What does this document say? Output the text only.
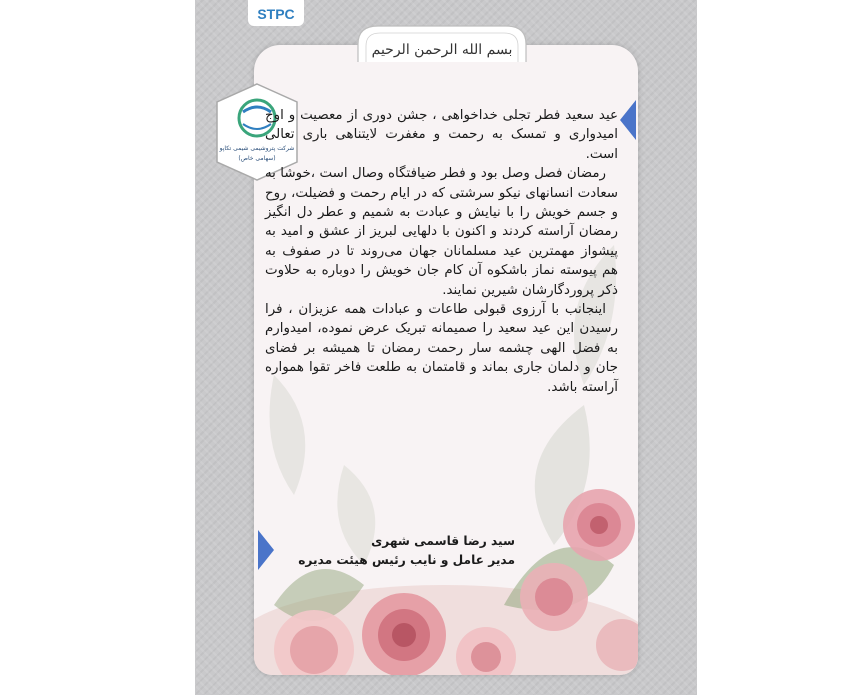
STPC
بسم الله الرحمن الرحيم
شرکت پتروشیمی شیمی تکاپو
(سهامی خاص)

عید سعید فطر تجلی خداخواهی ، جشن دوری از معصیت و اوج امیدواری و تمسک به رحمت و مغفرت لایتناهی باری تعالی است.

رمضان فصل وصل بود و فطر ضیافتگاه وصال است ،خوشا به سعادت انسانهای نیکو سرشتی که در ایام رحمت و فضیلت، روح و جسم خویش را با نیایش و عبادت به شمیم و عطر دل انگیز رمضان آراسته کردند و اکنون با دلهایی لبریز از عشق و امید به پیشواز مهمترین عید مسلمانان جهان می‌روند تا در صفوف به هم پیوسته نماز باشکوه آن کام جان خویش را دوباره به حلاوت ذکر پروردگارشان شیرین نمایند.

اینجانب با آرزوی قبولی طاعات و عبادات همه عزیزان ، فرا رسیدن این عید سعید را صمیمانه تبریک عرض نموده، امیدوارم به فضل الهی چشمه سار رحمت رمضان تا همیشه بر فضای جان و دلمان جاری بماند و قامتمان به طلعت فاخر تقوا همواره آراسته باشد.

سید رضا قاسمی شهری
مدیر عامل و نایب رئیس هیئت مدیره
